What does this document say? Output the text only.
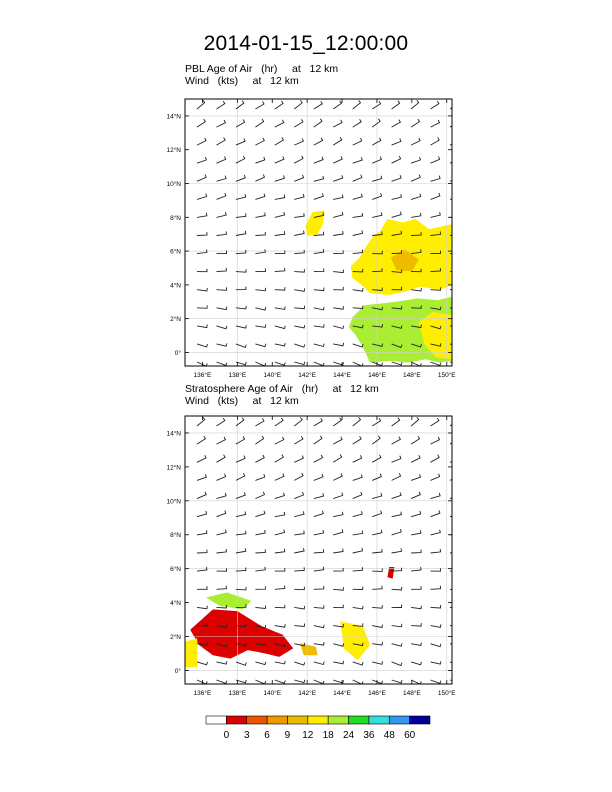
2014-01-15_12:00:00
PBL Age of Air   (hr)     at   12 km
Wind   (kts)     at   12 km
Stratosphere Age of Air   (hr)     at   12 km
Wind   (kts)     at   12 km
136°E	138°E	140°E	142°E	144°E	146°E	148°E	150°E
0°
2°N
4°N
6°N
8°N
10°N
12°N
14°N
136°E	138°E	140°E	142°E	144°E	146°E	148°E	150°E
0°
2°N
4°N
6°N
8°N
10°N
12°N
14°N
0 3 6 9 12 18 24 36 48 60
